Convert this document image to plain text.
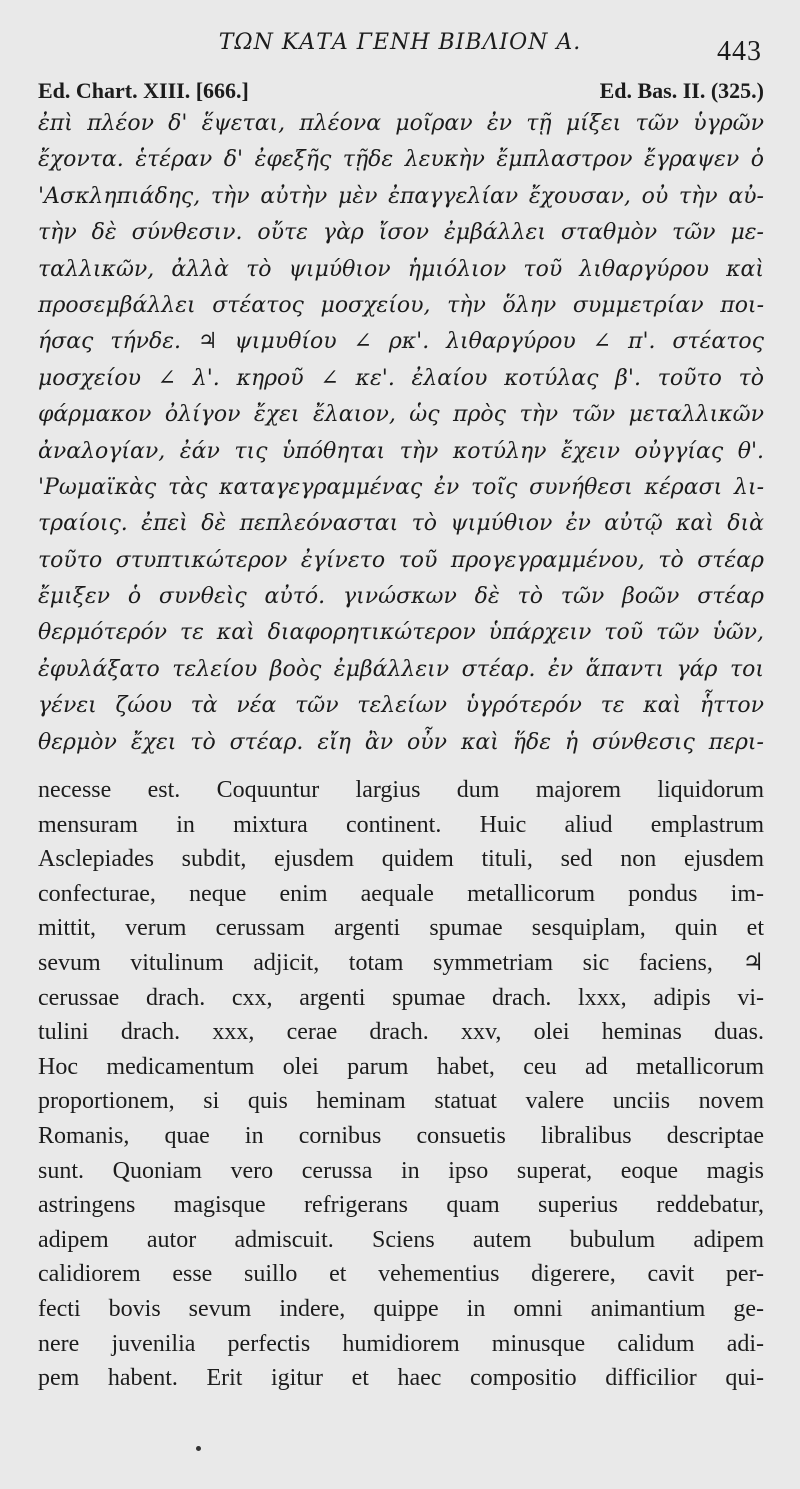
ΤΩΝ ΚΑΤΑ ΓΕΝΗ ΒΙΒΛΙΟΝ Α.	443
Ed. Chart. XIII. [666.]	Ed. Bas. II. (325.)
ἐπὶ πλέον δ' ἕψεται, πλέονα μοῖραν ἐν τῇ μίξει τῶν ὑγρῶν
ἔχοντα. ἑτέραν δ' ἐφεξῆς τῇδε λευκὴν ἔμπλαστρον ἔγραψεν ὁ
'Ασκληπιάδης, τὴν αὐτὴν μὲν ἐπαγγελίαν ἔχουσαν, οὐ τὴν αὐ-
τὴν δὲ σύνθεσιν. οὔτε γὰρ ἴσον ἐμβάλλει σταθμὸν τῶν με-
ταλλικῶν, ἀλλὰ τὸ ψιμύθιον ἡμιόλιον τοῦ λιθαργύρου καὶ
προσεμβάλλει στέατος μοσχείου, τὴν ὅλην συμμετρίαν ποι-
ήσας τήνδε. ♃ ψιμυθίου ∠ ρκ'. λιθαργύρου ∠ π'. στέατος
μοσχείου ∠ λ'. κηροῦ ∠ κε'. ἐλαίου κοτύλας β'. τοῦτο τὸ
φάρμακον ὀλίγον ἔχει ἔλαιον, ὡς πρὸς τὴν τῶν μεταλλικῶν
ἀναλογίαν, ἐάν τις ὑπόθηται τὴν κοτύλην ἔχειν οὐγγίας θ'.
'Ρωμαϊκὰς τὰς καταγεγραμμένας ἐν τοῖς συνήθεσι κέρασι λι-
τραίοις. ἐπεὶ δὲ πεπλεόνασται τὸ ψιμύθιον ἐν αὐτῷ καὶ διὰ
τοῦτο στυπτικώτερον ἐγίνετο τοῦ προγεγραμμένου, τὸ στέαρ
ἔμιξεν ὁ συνθεὶς αὐτό. γινώσκων δὲ τὸ τῶν βοῶν στέαρ
θερμότερόν τε καὶ διαφορητικώτερον ὑπάρχειν τοῦ τῶν ὑῶν,
ἐφυλάξατο τελείου βοὸς ἐμβάλλειν στέαρ. ἐν ἅπαντι γάρ τοι
γένει ζώου τὰ νέα τῶν τελείων ὑγρότερόν τε καὶ ἧττον
θερμὸν ἔχει τὸ στέαρ. εἴη ἂν οὖν καὶ ἥδε ἡ σύνθεσις περι-
necesse est. Coquuntur largius dum majorem liquidorum
mensuram in mixtura continent. Huic aliud emplastrum
Asclepiades subdit, ejusdem quidem tituli, sed non ejusdem
confecturae, neque enim aequale metallicorum pondus im-
mittit, verum cerussam argenti spumae sesquiplam, quin et
sevum vitulinum adjicit, totam symmetriam sic faciens, ♃
cerussae drach. cxx, argenti spumae drach. lxxx, adipis vi-
tulini drach. xxx, cerae drach. xxv, olei heminas duas.
Hoc medicamentum olei parum habet, ceu ad metallicorum
proportionem, si quis heminam statuat valere unciis novem
Romanis, quae in cornibus consuetis libralibus descriptae
sunt. Quoniam vero cerussa in ipso superat, eoque magis
astringens magisque refrigerans quam superius reddebatur,
adipem autor admiscuit. Sciens autem bubulum adipem
calidiorem esse suillo et vehementius digerere, cavit per-
fecti bovis sevum indere, quippe in omni animantium ge-
nere juvenilia perfectis humidiorem minusque calidum adi-
pem habent. Erit igitur et haec compositio difficilior qui-
